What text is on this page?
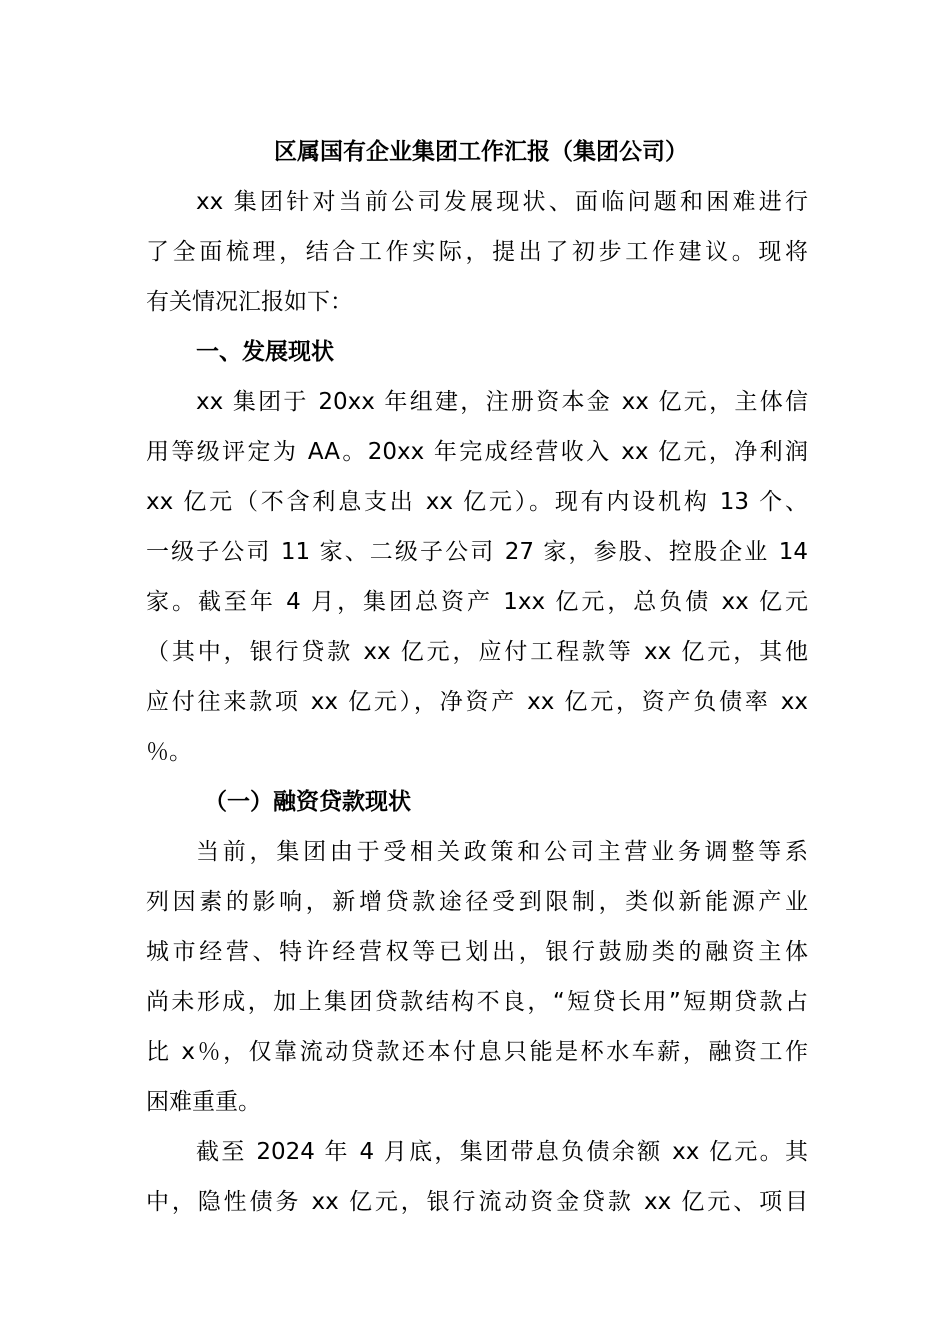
区属国有企业集团工作汇报（集团公司）
xx 集团针对当前公司发展现状、面临问题和困难进行
了全面梳理，结合工作实际，提出了初步工作建议。现将
有关情况汇报如下：
一、发展现状
xx 集团于 20xx 年组建，注册资本金 xx 亿元，主体信
用等级评定为 AA。20xx 年完成经营收入 xx 亿元，净利润
xx 亿元（不含利息支出 xx 亿元）。现有内设机构 13 个、
一级子公司 11 家、二级子公司 27 家，参股、控股企业 14
家。截至年 4 月，集团总资产 1xx 亿元，总负债 xx 亿元
（其中，银行贷款 xx 亿元，应付工程款等 xx 亿元，其他
应付往来款项 xx 亿元），净资产 xx 亿元，资产负债率 xx
％。
（一）融资贷款现状
当前，集团由于受相关政策和公司主营业务调整等系
列因素的影响，新增贷款途径受到限制，类似新能源产业
城市经营、特许经营权等已划出，银行鼓励类的融资主体
尚未形成，加上集团贷款结构不良，“短贷长用”短期贷款占
比 x％，仅靠流动贷款还本付息只能是杯水车薪，融资工作
困难重重。
截至 2024 年 4 月底，集团带息负债余额 xx 亿元。其
中，隐性债务 xx 亿元，银行流动资金贷款 xx 亿元、项目
